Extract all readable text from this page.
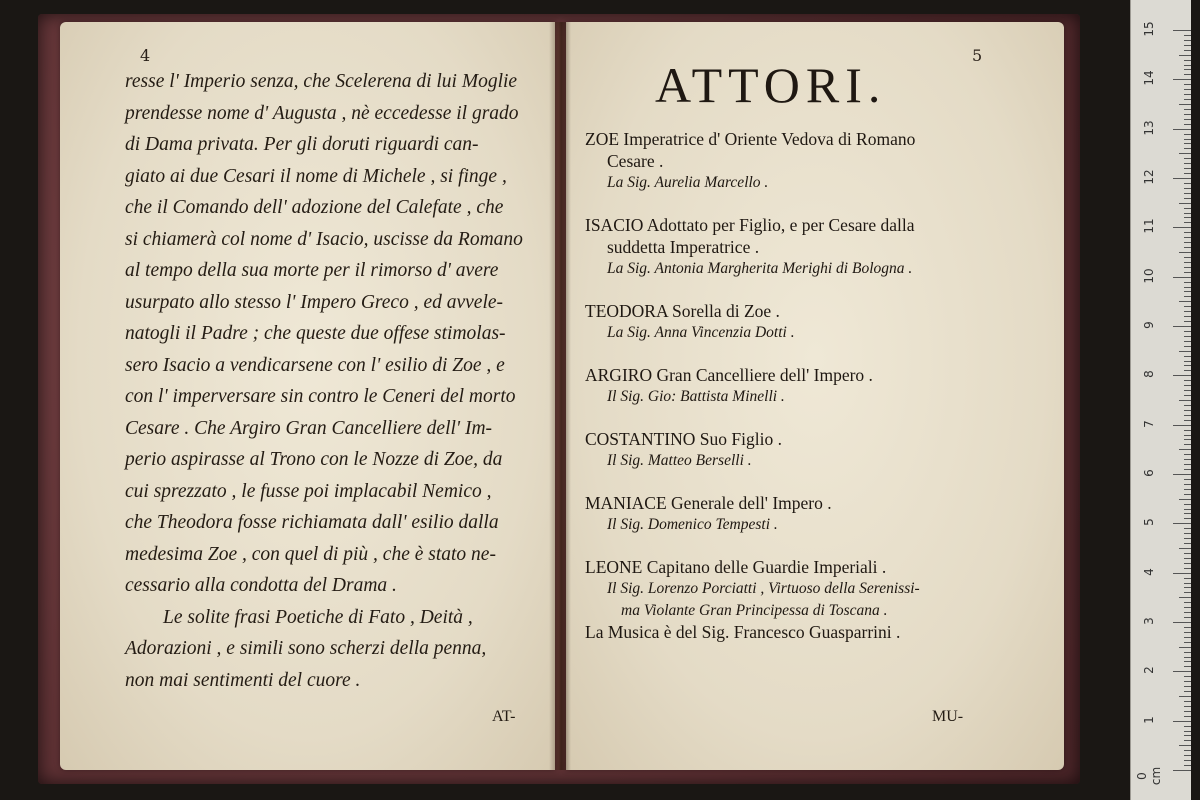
4
resse l' Imperio senza, che Scelerena di lui Moglie
prendesse nome d' Augusta , nè eccedesse il grado
di Dama privata. Per gli doruti riguardi can-
giato ai due Cesari il nome di Michele , si finge ,
che il Comando dell' adozione del Calefate , che
si chiamerà col nome d' Isacio, uscisse da Romano
al tempo della sua morte per il rimorso d' avere
usurpato allo stesso l' Impero Greco , ed avvele-
natogli il Padre ; che queste due offese stimolas-
sero Isacio a vendicarsene con l' esilio di Zoe , e
con l' imperversare sin contro le Ceneri del morto
Cesare . Che Argiro Gran Cancelliere dell' Im-
perio aspirasse al Trono con le Nozze di Zoe, da
cui sprezzato , le fusse poi implacabil Nemico ,
che Theodora fosse richiamata dall' esilio dalla
medesima Zoe , con quel di più , che è stato ne-
cessario alla condotta del Drama .
Le solite frasi Poetiche di Fato , Deità ,
Adorazioni , e simili sono scherzi della penna,
non mai sentimenti del cuore .
AT-
5
ATTORI.
ZOE Imperatrice d' Oriente Vedova di Romano
Cesare .
La Sig. Aurelia Marcello .
ISACIO Adottato per Figlio, e per Cesare dalla
suddetta Imperatrice .
La Sig. Antonia Margherita Merighi di Bologna .
TEODORA Sorella di Zoe .
La Sig. Anna Vincenzia Dotti .
ARGIRO Gran Cancelliere dell' Impero .
Il Sig. Gio: Battista Minelli .
COSTANTINO Suo Figlio .
Il Sig. Matteo Berselli .
MANIACE Generale dell' Impero .
Il Sig. Domenico Tempesti .
LEONE Capitano delle Guardie Imperiali .
Il Sig. Lorenzo Porciatti , Virtuoso della Serenissi-
ma Violante Gran Principessa di Toscana .
La Musica è del Sig. Francesco Guasparrini .
MU-
15
14
13
12
11
10
9
8
7
6
5
4
3
2
1
0 cm
